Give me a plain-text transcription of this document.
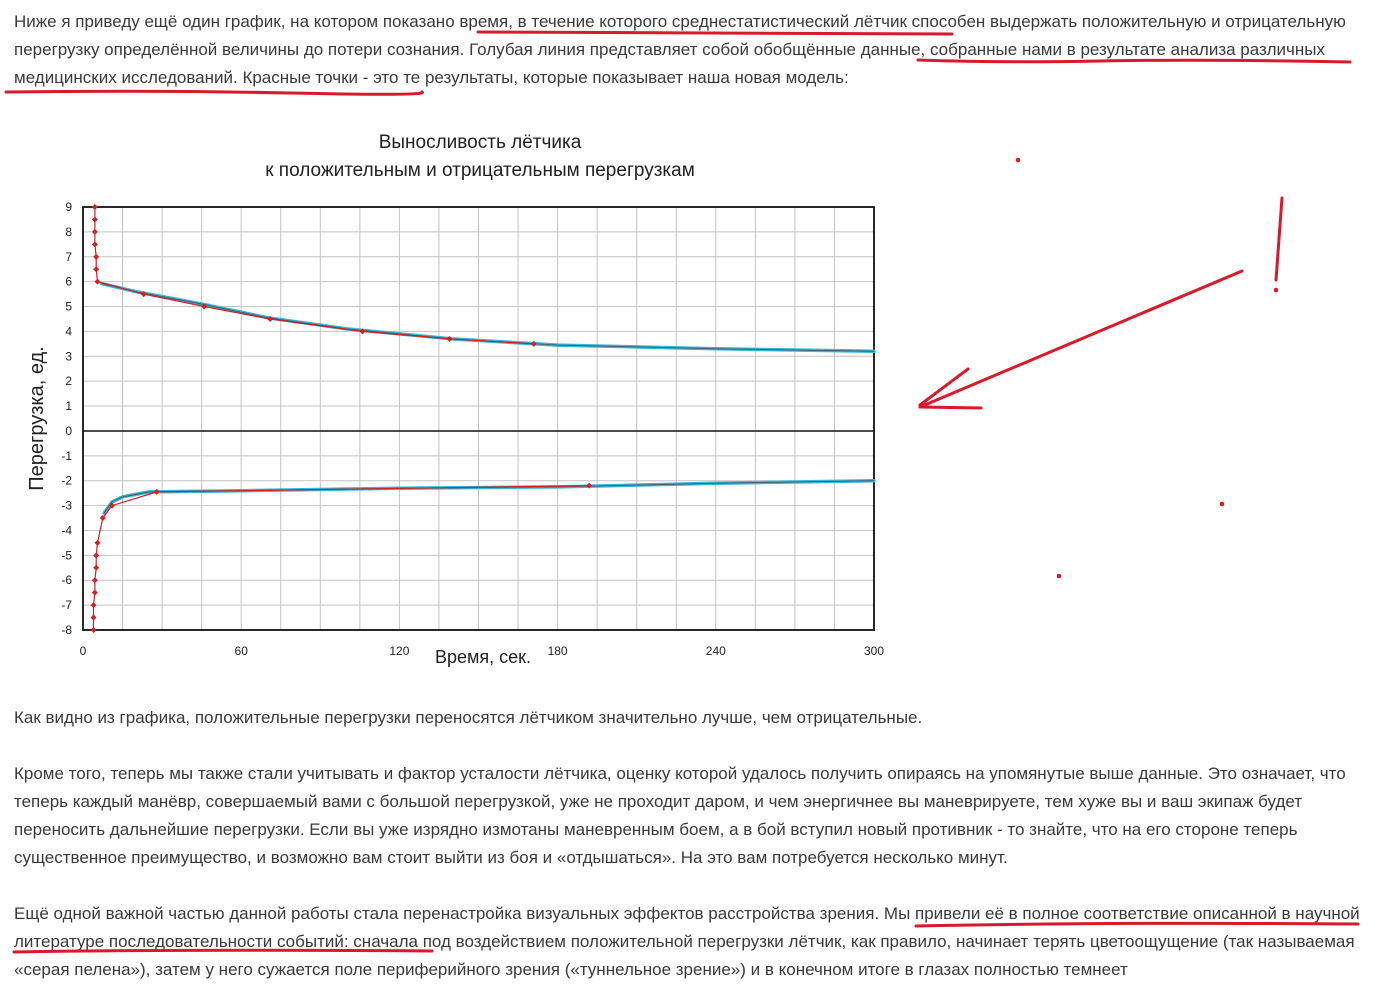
Ниже я приведу ещё один график, на котором показано время, в течение которого среднестатистический лётчик способен выдержать положительную и отрицательную перегрузку определённой величины до потери сознания. Голубая линия представляет собой обобщённые данные, собранные нами в результате анализа различных медицинских исследований. Красные точки - это те результаты, которые показывает наша новая модель:

Выносливость лётчика
к положительным и отрицательным перегрузкам
9
8
7
6
5
4
3
2
1
0
-1
-2
-3
-4
-5
-6
-7
-8
0	60	120	180	240	300
Время, сек.
Перегрузка, ед.

Как видно из графика, положительные перегрузки переносятся лётчиком значительно лучше, чем отрицательные.

Кроме того, теперь мы также стали учитывать и фактор усталости лётчика, оценку которой удалось получить опираясь на упомянутые выше данные. Это означает, что теперь каждый манёвр, совершаемый вами с большой перегрузкой, уже не проходит даром, и чем энергичнее вы маневрируете, тем хуже вы и ваш экипаж будет переносить дальнейшие перегрузки. Если вы уже изрядно измотаны маневренным боем, а в бой вступил новый противник - то знайте, что на его стороне теперь существенное преимущество, и возможно вам стоит выйти из боя и «отдышаться». На это вам потребуется несколько минут.

Ещё одной важной частью данной работы стала перенастройка визуальных эффектов расстройства зрения. Мы привели её в полное соответствие описанной в научной литературе последовательности событий: сначала под воздействием положительной перегрузки лётчик, как правило, начинает терять цветоощущение (так называемая «серая пелена»), затем у него сужается поле периферийного зрения («туннельное зрение») и в конечном итоге в глазах полностью темнеет

!
